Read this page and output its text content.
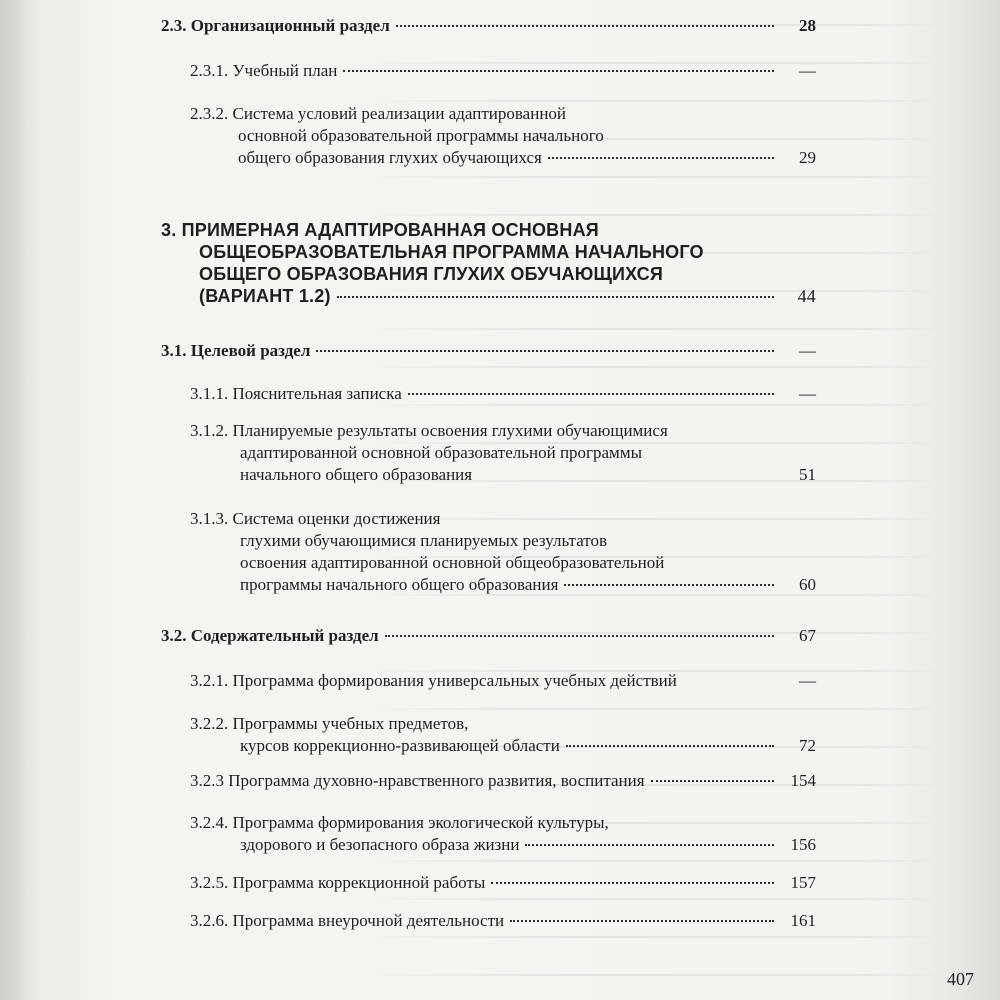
2.3. Организационный раздел	28
2.3.1. Учебный план	—
2.3.2. Система условий реализации адаптированной
основной образовательной программы начального
общего образования глухих обучающихся	29
3. ПРИМЕРНАЯ АДАПТИРОВАННАЯ ОСНОВНАЯ
ОБЩЕОБРАЗОВАТЕЛЬНАЯ ПРОГРАММА НАЧАЛЬНОГО
ОБЩЕГО ОБРАЗОВАНИЯ ГЛУХИХ ОБУЧАЮЩИХСЯ
(ВАРИАНТ 1.2)	44
3.1. Целевой раздел	—
3.1.1. Пояснительная записка	—
3.1.2. Планируемые результаты освоения глухими обучающимися
адаптированной основной образовательной программы
начального общего образования	51
3.1.3. Система оценки достижения
глухими обучающимися планируемых результатов
освоения адаптированной основной общеобразовательной
программы начального общего образования	60
3.2. Содержательный раздел	67
3.2.1. Программа формирования универсальных учебных действий	—
3.2.2. Программы учебных предметов,
курсов коррекционно-развивающей области	72
3.2.3 Программа духовно-нравственного развития, воспитания	154
3.2.4. Программа формирования экологической культуры,
здорового и безопасного образа жизни	156
3.2.5. Программа коррекционной работы	157
3.2.6. Программа внеурочной деятельности	161
407
